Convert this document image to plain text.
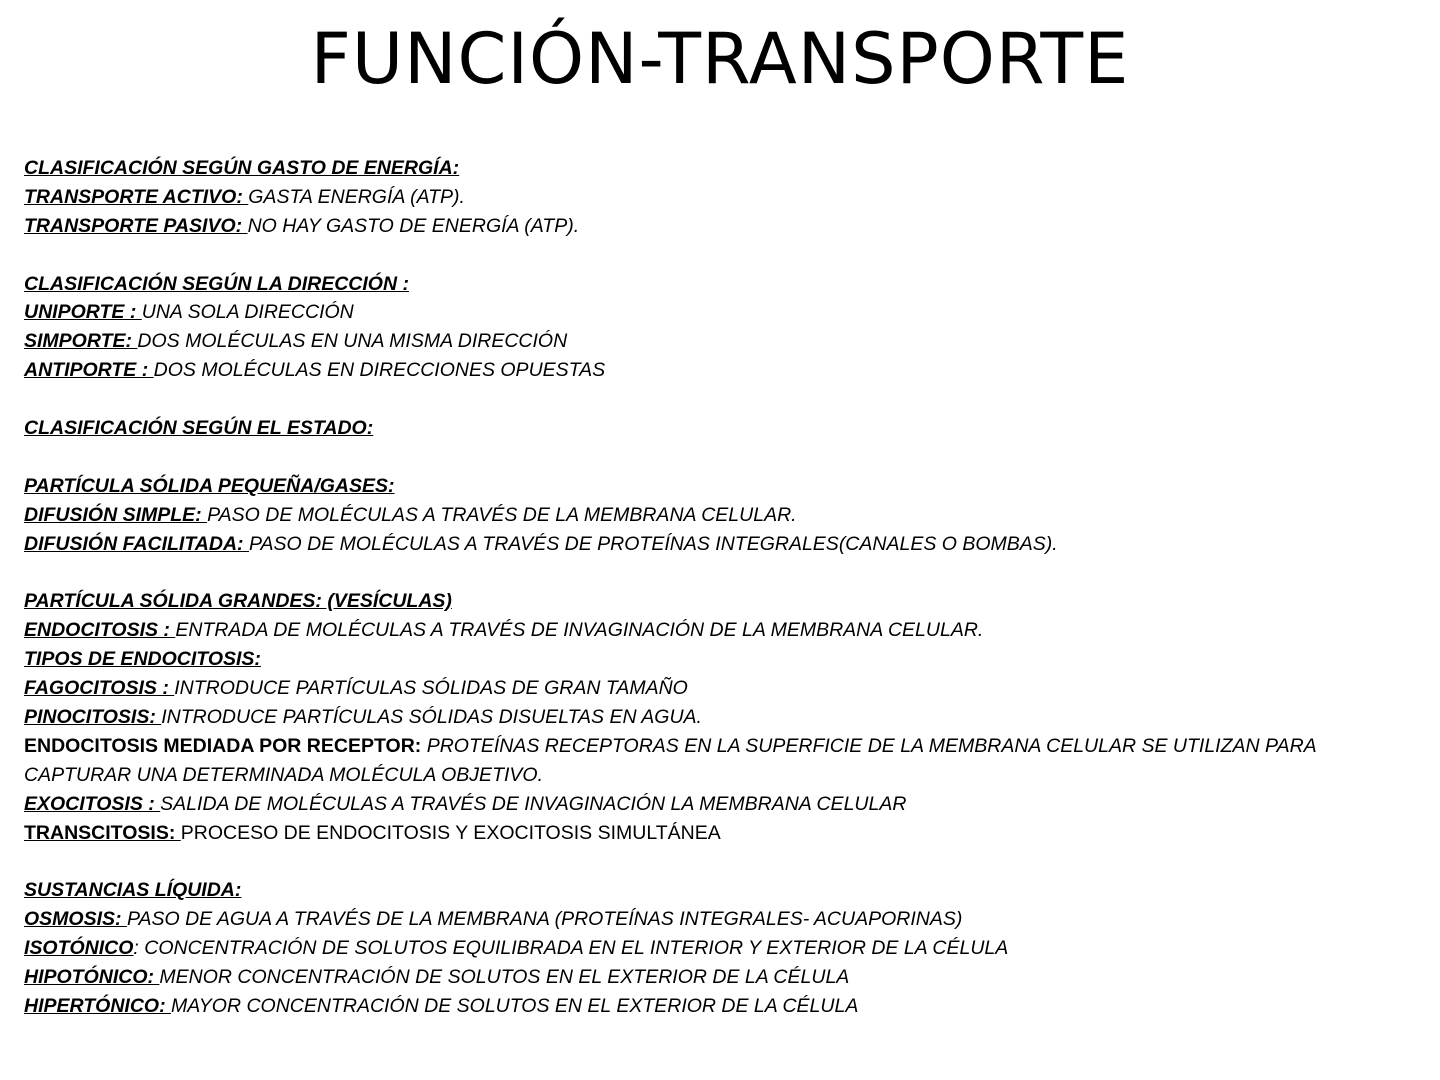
FUNCIÓN-TRANSPORTE
CLASIFICACIÓN SEGÚN GASTO DE ENERGÍA:
TRANSPORTE ACTIVO: GASTA ENERGÍA (ATP).
TRANSPORTE PASIVO: NO HAY GASTO DE ENERGÍA (ATP).
CLASIFICACIÓN SEGÚN LA DIRECCIÓN :
UNIPORTE : UNA SOLA DIRECCIÓN
SIMPORTE: DOS MOLÉCULAS EN UNA MISMA DIRECCIÓN
ANTIPORTE : DOS MOLÉCULAS EN DIRECCIONES OPUESTAS
CLASIFICACIÓN SEGÚN EL ESTADO:
PARTÍCULA SÓLIDA PEQUEÑA/GASES:
DIFUSIÓN SIMPLE: PASO DE MOLÉCULAS A TRAVÉS DE LA MEMBRANA CELULAR.
DIFUSIÓN FACILITADA: PASO DE MOLÉCULAS A TRAVÉS DE PROTEÍNAS INTEGRALES(CANALES O BOMBAS).
PARTÍCULA SÓLIDA GRANDES: (VESÍCULAS)
ENDOCITOSIS : ENTRADA DE MOLÉCULAS A TRAVÉS DE INVAGINACIÓN DE LA MEMBRANA CELULAR.
TIPOS DE ENDOCITOSIS:
FAGOCITOSIS : INTRODUCE PARTÍCULAS SÓLIDAS DE GRAN TAMAÑO
PINOCITOSIS: INTRODUCE PARTÍCULAS SÓLIDAS DISUELTAS EN AGUA.
ENDOCITOSIS MEDIADA POR RECEPTOR: PROTEÍNAS RECEPTORAS EN LA SUPERFICIE DE LA MEMBRANA CELULAR SE UTILIZAN PARA CAPTURAR UNA DETERMINADA MOLÉCULA OBJETIVO.
EXOCITOSIS : SALIDA DE MOLÉCULAS A TRAVÉS DE INVAGINACIÓN LA MEMBRANA CELULAR
TRANSCITOSIS: PROCESO DE ENDOCITOSIS Y EXOCITOSIS SIMULTÁNEA
SUSTANCIAS LÍQUIDA:
OSMOSIS: PASO DE AGUA A TRAVÉS DE LA MEMBRANA (PROTEÍNAS INTEGRALES- ACUAPORINAS)
ISOTÓNICO: CONCENTRACIÓN DE SOLUTOS EQUILIBRADA EN EL INTERIOR Y EXTERIOR DE LA CÉLULA
HIPOTÓNICO: MENOR CONCENTRACIÓN DE SOLUTOS EN EL EXTERIOR DE LA CÉLULA
HIPERTÓNICO: MAYOR CONCENTRACIÓN DE SOLUTOS EN EL EXTERIOR DE LA CÉLULA
